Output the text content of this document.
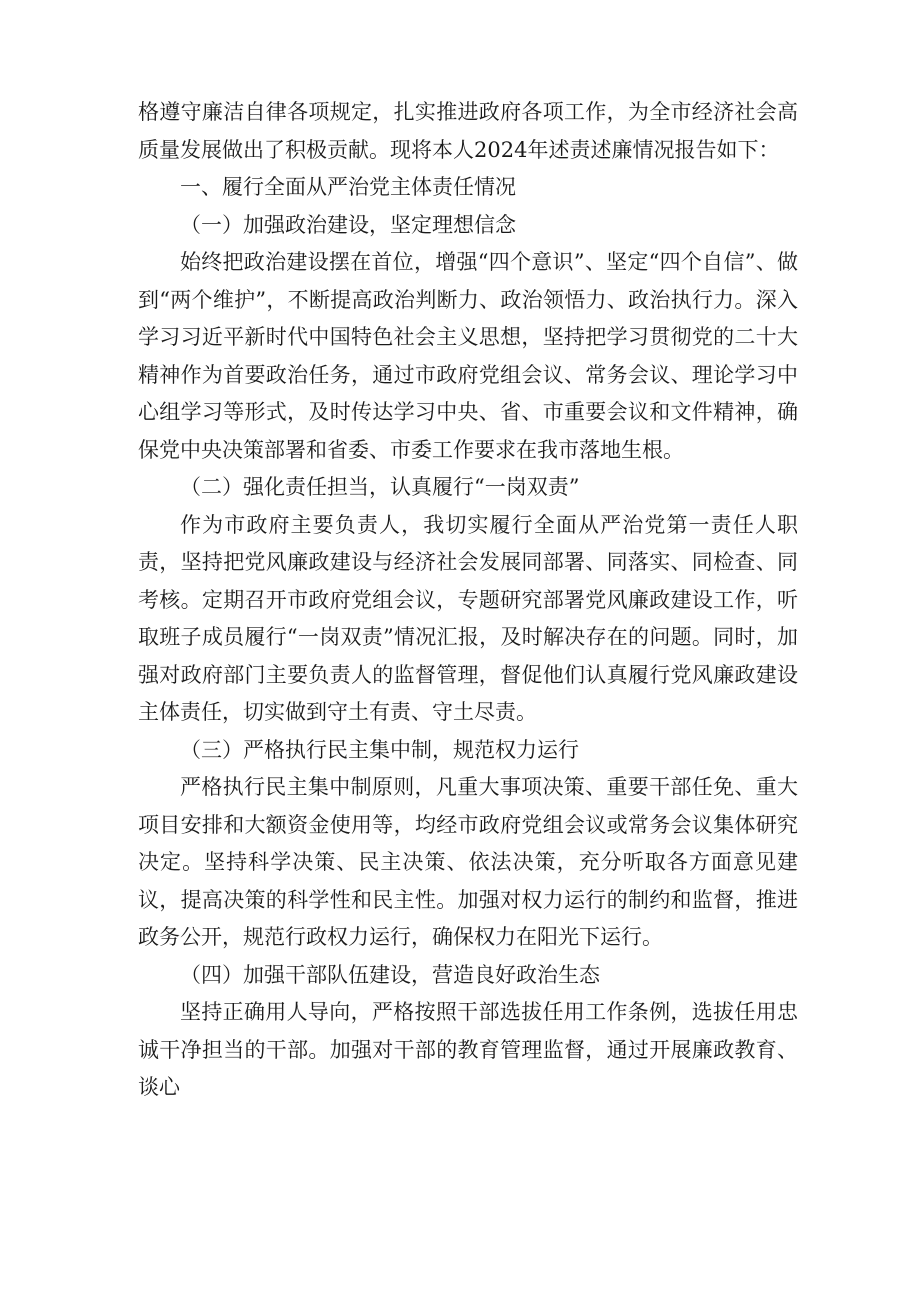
格遵守廉洁自律各项规定，扎实推进政府各项工作，为全市经济社会高质量发展做出了积极贡献。现将本人2024年述责述廉情况报告如下：

一、履行全面从严治党主体责任情况

（一）加强政治建设，坚定理想信念

始终把政治建设摆在首位，增强“四个意识”、坚定“四个自信”、做到“两个维护”，不断提高政治判断力、政治领悟力、政治执行力。深入学习习近平新时代中国特色社会主义思想，坚持把学习贯彻党的二十大精神作为首要政治任务，通过市政府党组会议、常务会议、理论学习中心组学习等形式，及时传达学习中央、省、市重要会议和文件精神，确保党中央决策部署和省委、市委工作要求在我市落地生根。

（二）强化责任担当，认真履行“一岗双责”

作为市政府主要负责人，我切实履行全面从严治党第一责任人职责，坚持把党风廉政建设与经济社会发展同部署、同落实、同检查、同考核。定期召开市政府党组会议，专题研究部署党风廉政建设工作，听取班子成员履行“一岗双责”情况汇报，及时解决存在的问题。同时，加强对政府部门主要负责人的监督管理，督促他们认真履行党风廉政建设主体责任，切实做到守土有责、守土尽责。

（三）严格执行民主集中制，规范权力运行

严格执行民主集中制原则，凡重大事项决策、重要干部任免、重大项目安排和大额资金使用等，均经市政府党组会议或常务会议集体研究决定。坚持科学决策、民主决策、依法决策，充分听取各方面意见建议，提高决策的科学性和民主性。加强对权力运行的制约和监督，推进政务公开，规范行政权力运行，确保权力在阳光下运行。

（四）加强干部队伍建设，营造良好政治生态

坚持正确用人导向，严格按照干部选拔任用工作条例，选拔任用忠诚干净担当的干部。加强对干部的教育管理监督，通过开展廉政教育、谈心
